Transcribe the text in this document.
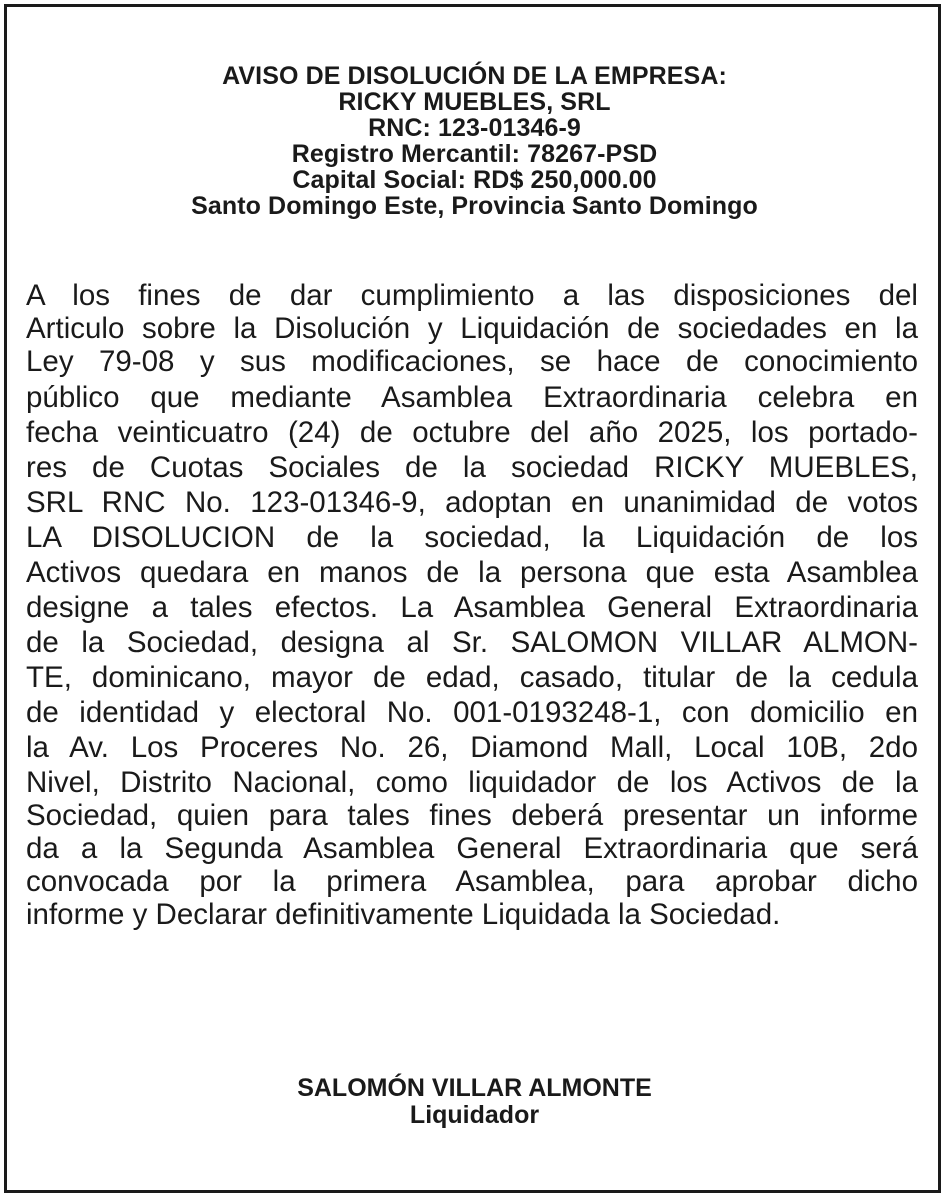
AVISO DE DISOLUCIÓN DE LA EMPRESA:
RICKY MUEBLES, SRL
RNC: 123-01346-9
Registro Mercantil: 78267-PSD
Capital Social: RD$ 250,000.00
Santo Domingo Este, Provincia Santo Domingo
A los fines de dar cumplimiento a las disposiciones del
Articulo sobre la Disolución y Liquidación de sociedades en la
Ley 79-08 y sus modificaciones, se hace de conocimiento
público que mediante Asamblea Extraordinaria celebra en
fecha veinticuatro (24) de octubre del año 2025, los portado-
res de Cuotas Sociales de la sociedad RICKY MUEBLES,
SRL RNC No. 123-01346-9, adoptan en unanimidad de votos
LA DISOLUCION de la sociedad, la Liquidación de los
Activos quedara en manos de la persona que esta Asamblea
designe a tales efectos. La Asamblea General Extraordinaria
de la Sociedad, designa al Sr. SALOMON VILLAR ALMON-
TE, dominicano, mayor de edad, casado, titular de la cedula
de identidad y electoral No. 001-0193248-1, con domicilio en
la Av. Los Proceres No. 26, Diamond Mall, Local 10B, 2do
Nivel, Distrito Nacional, como liquidador de los Activos de la
Sociedad, quien para tales fines deberá presentar un informe
da a la Segunda Asamblea General Extraordinaria que será
convocada por la primera Asamblea, para aprobar dicho
informe y Declarar definitivamente Liquidada la Sociedad.
SALOMÓN VILLAR ALMONTE
Liquidador
